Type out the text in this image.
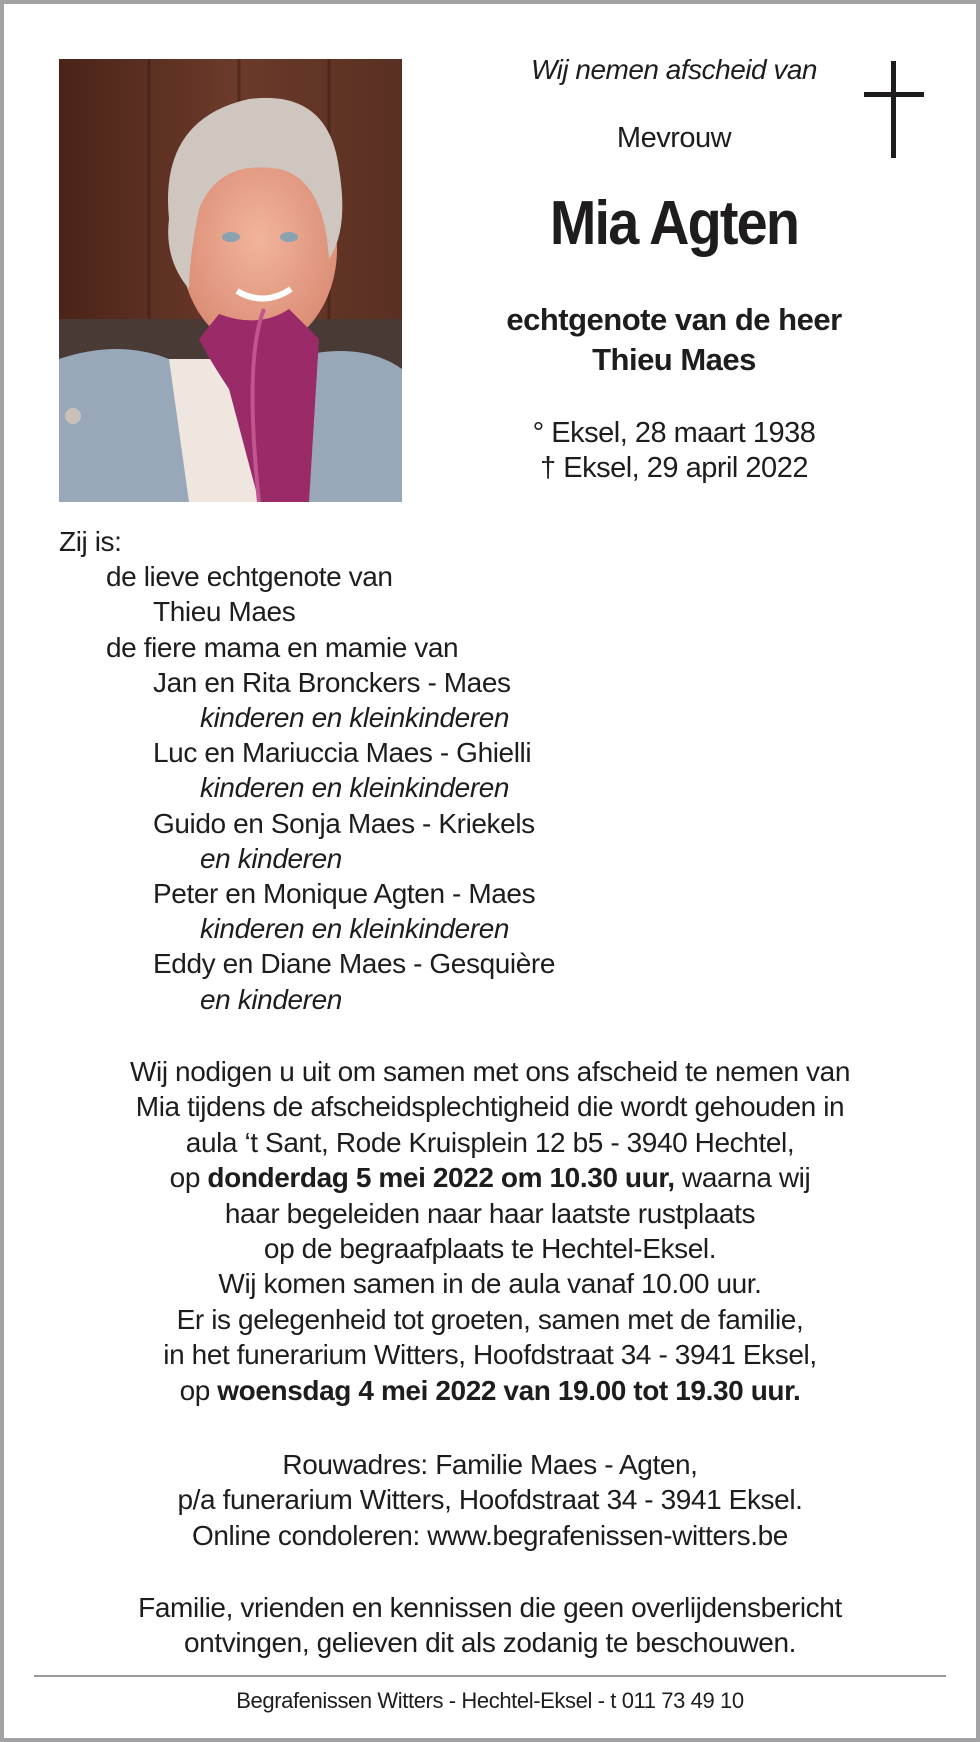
Wij nemen afscheid van
Mevrouw
Mia Agten
echtgenote van de heer
Thieu Maes
° Eksel, 28 maart 1938
† Eksel, 29 april 2022
Zij is:
de lieve echtgenote van
Thieu Maes
de fiere mama en mamie van
Jan en Rita Bronckers - Maes
kinderen en kleinkinderen
Luc en Mariuccia Maes - Ghielli
kinderen en kleinkinderen
Guido en Sonja Maes - Kriekels
en kinderen
Peter en Monique Agten - Maes
kinderen en kleinkinderen
Eddy en Diane Maes - Gesquière
en kinderen
Wij nodigen u uit om samen met ons afscheid te nemen van
Mia tijdens de afscheidsplechtigheid die wordt gehouden in
aula ‘t Sant, Rode Kruisplein 12 b5 - 3940 Hechtel,
op donderdag 5 mei 2022 om 10.30 uur, waarna wij
haar begeleiden naar haar laatste rustplaats
op de begraafplaats te Hechtel-Eksel.
Wij komen samen in de aula vanaf 10.00 uur.
Er is gelegenheid tot groeten, samen met de familie,
in het funerarium Witters, Hoofdstraat 34 - 3941 Eksel,
op woensdag 4 mei 2022 van 19.00 tot 19.30 uur.
Rouwadres: Familie Maes - Agten,
p/a funerarium Witters, Hoofdstraat 34 - 3941 Eksel.
Online condoleren: www.begrafenissen-witters.be
Familie, vrienden en kennissen die geen overlijdensbericht
ontvingen, gelieven dit als zodanig te beschouwen.
Begrafenissen Witters - Hechtel-Eksel - t 011 73 49 10
